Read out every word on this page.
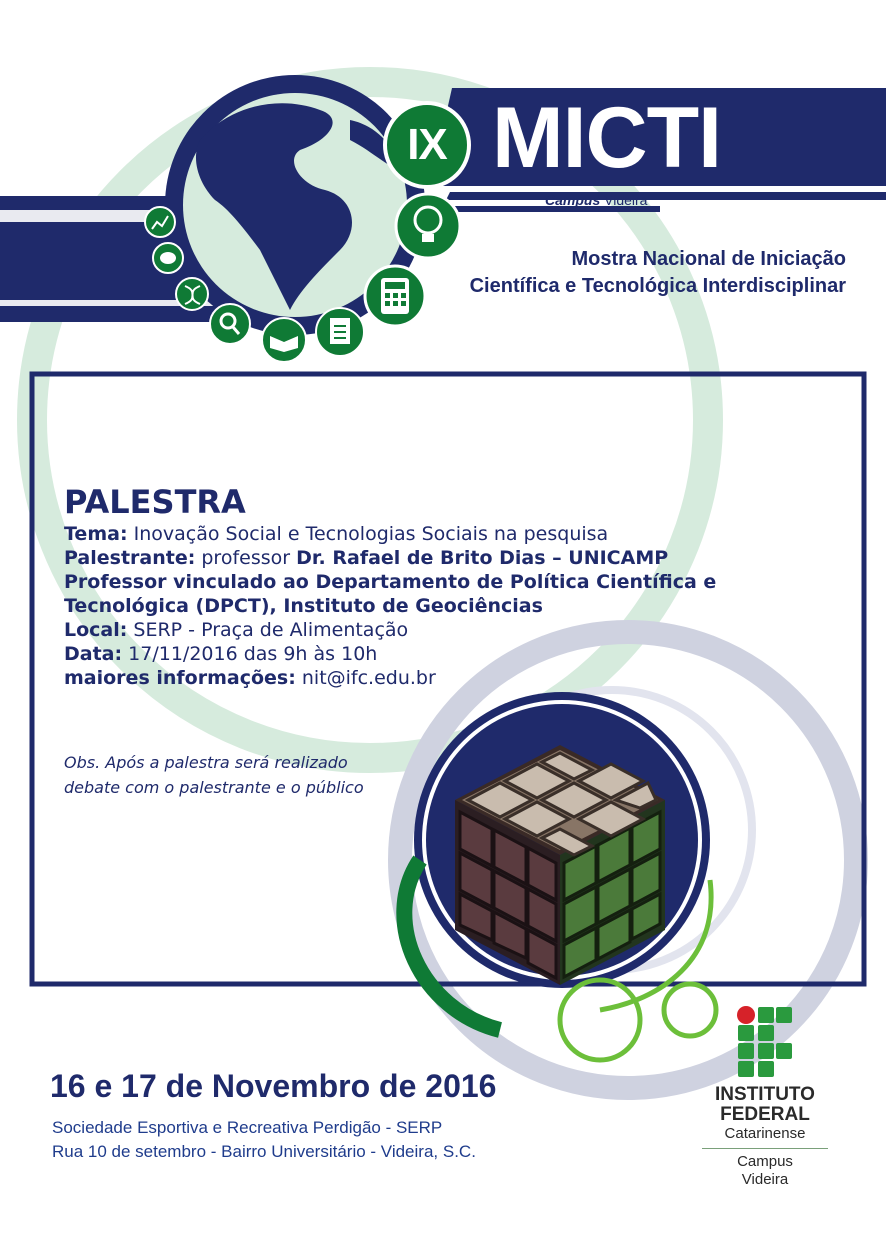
IX MICTI
Campus Videira
Mostra Nacional de Iniciação
Científica e Tecnológica Interdisciplinar
PALESTRA
Tema: Inovação Social e Tecnologias Sociais na pesquisa
Palestrante: professor Dr. Rafael de Brito Dias – UNICAMP
Professor vinculado ao Departamento de Política Científica e
Tecnológica (DPCT), Instituto de Geociências
Local: SERP - Praça de Alimentação
Data: 17/11/2016 das 9h às 10h
maiores informações: nit@ifc.edu.br
Obs. Após a palestra será realizado debate com o palestrante e o público
16 e 17 de Novembro de 2016
Sociedade Esportiva e Recreativa Perdigão - SERP
Rua 10 de setembro - Bairro Universitário - Videira, S.C.
INSTITUTO
FEDERAL
Catarinense
Campus
Videira
